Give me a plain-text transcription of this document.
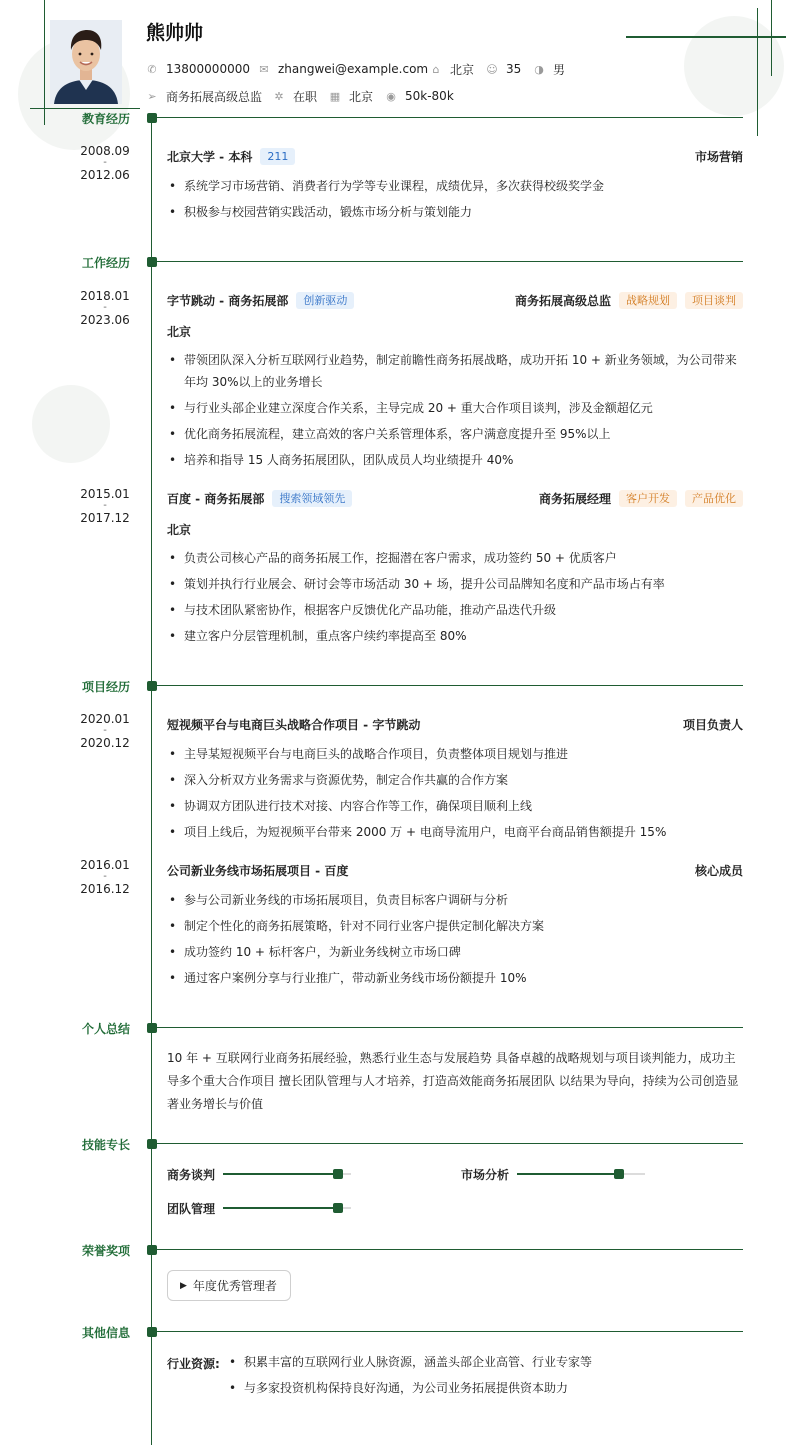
熊帅帅
✆ 13800000000 ✉ zhangwei@example.com ⌂ 北京 ☺ 35 ◑ 男
➢ 商务拓展高级总监 ✲ 在职 ▦ 北京 ◉ 50k-80k
教育经历
2008.09
-
2012.06
北京大学 - 本科	211	市场营销
• 系统学习市场营销、消费者行为学等专业课程，成绩优异，多次获得校级奖学金
• 积极参与校园营销实践活动，锻炼市场分析与策划能力
工作经历
2018.01
-
2023.06
字节跳动 - 商务拓展部	创新驱动	商务拓展高级总监	战略规划	项目谈判
北京
• 带领团队深入分析互联网行业趋势，制定前瞻性商务拓展战略，成功开拓 10 + 新业务领域，为公司带来年均 30%以上的业务增长
• 与行业头部企业建立深度合作关系，主导完成 20 + 重大合作项目谈判，涉及金额超亿元
• 优化商务拓展流程，建立高效的客户关系管理体系，客户满意度提升至 95%以上
• 培养和指导 15 人商务拓展团队，团队成员人均业绩提升 40%
2015.01
-
2017.12
百度 - 商务拓展部	搜索领域领先	商务拓展经理	客户开发	产品优化
北京
• 负责公司核心产品的商务拓展工作，挖掘潜在客户需求，成功签约 50 + 优质客户
• 策划并执行行业展会、研讨会等市场活动 30 + 场，提升公司品牌知名度和产品市场占有率
• 与技术团队紧密协作，根据客户反馈优化产品功能，推动产品迭代升级
• 建立客户分层管理机制，重点客户续约率提高至 80%
项目经历
2020.01
-
2020.12
短视频平台与电商巨头战略合作项目 - 字节跳动	项目负责人
• 主导某短视频平台与电商巨头的战略合作项目，负责整体项目规划与推进
• 深入分析双方业务需求与资源优势，制定合作共赢的合作方案
• 协调双方团队进行技术对接、内容合作等工作，确保项目顺利上线
• 项目上线后，为短视频平台带来 2000 万 + 电商导流用户，电商平台商品销售额提升 15%
2016.01
-
2016.12
公司新业务线市场拓展项目 - 百度	核心成员
• 参与公司新业务线的市场拓展项目，负责目标客户调研与分析
• 制定个性化的商务拓展策略，针对不同行业客户提供定制化解决方案
• 成功签约 10 + 标杆客户，为新业务线树立市场口碑
• 通过客户案例分享与行业推广，带动新业务线市场份额提升 10%
个人总结
10 年 + 互联网行业商务拓展经验，熟悉行业生态与发展趋势 具备卓越的战略规划与项目谈判能力，成功主导多个重大合作项目 擅长团队管理与人才培养，打造高效能商务拓展团队 以结果为导向，持续为公司创造显著业务增长与价值
技能专长
商务谈判	市场分析
团队管理
荣誉奖项
▶ 年度优秀管理者
其他信息
行业资源:
•	积累丰富的互联网行业人脉资源，涵盖头部企业高管、行业专家等
• 与多家投资机构保持良好沟通，为公司业务拓展提供资本助力
